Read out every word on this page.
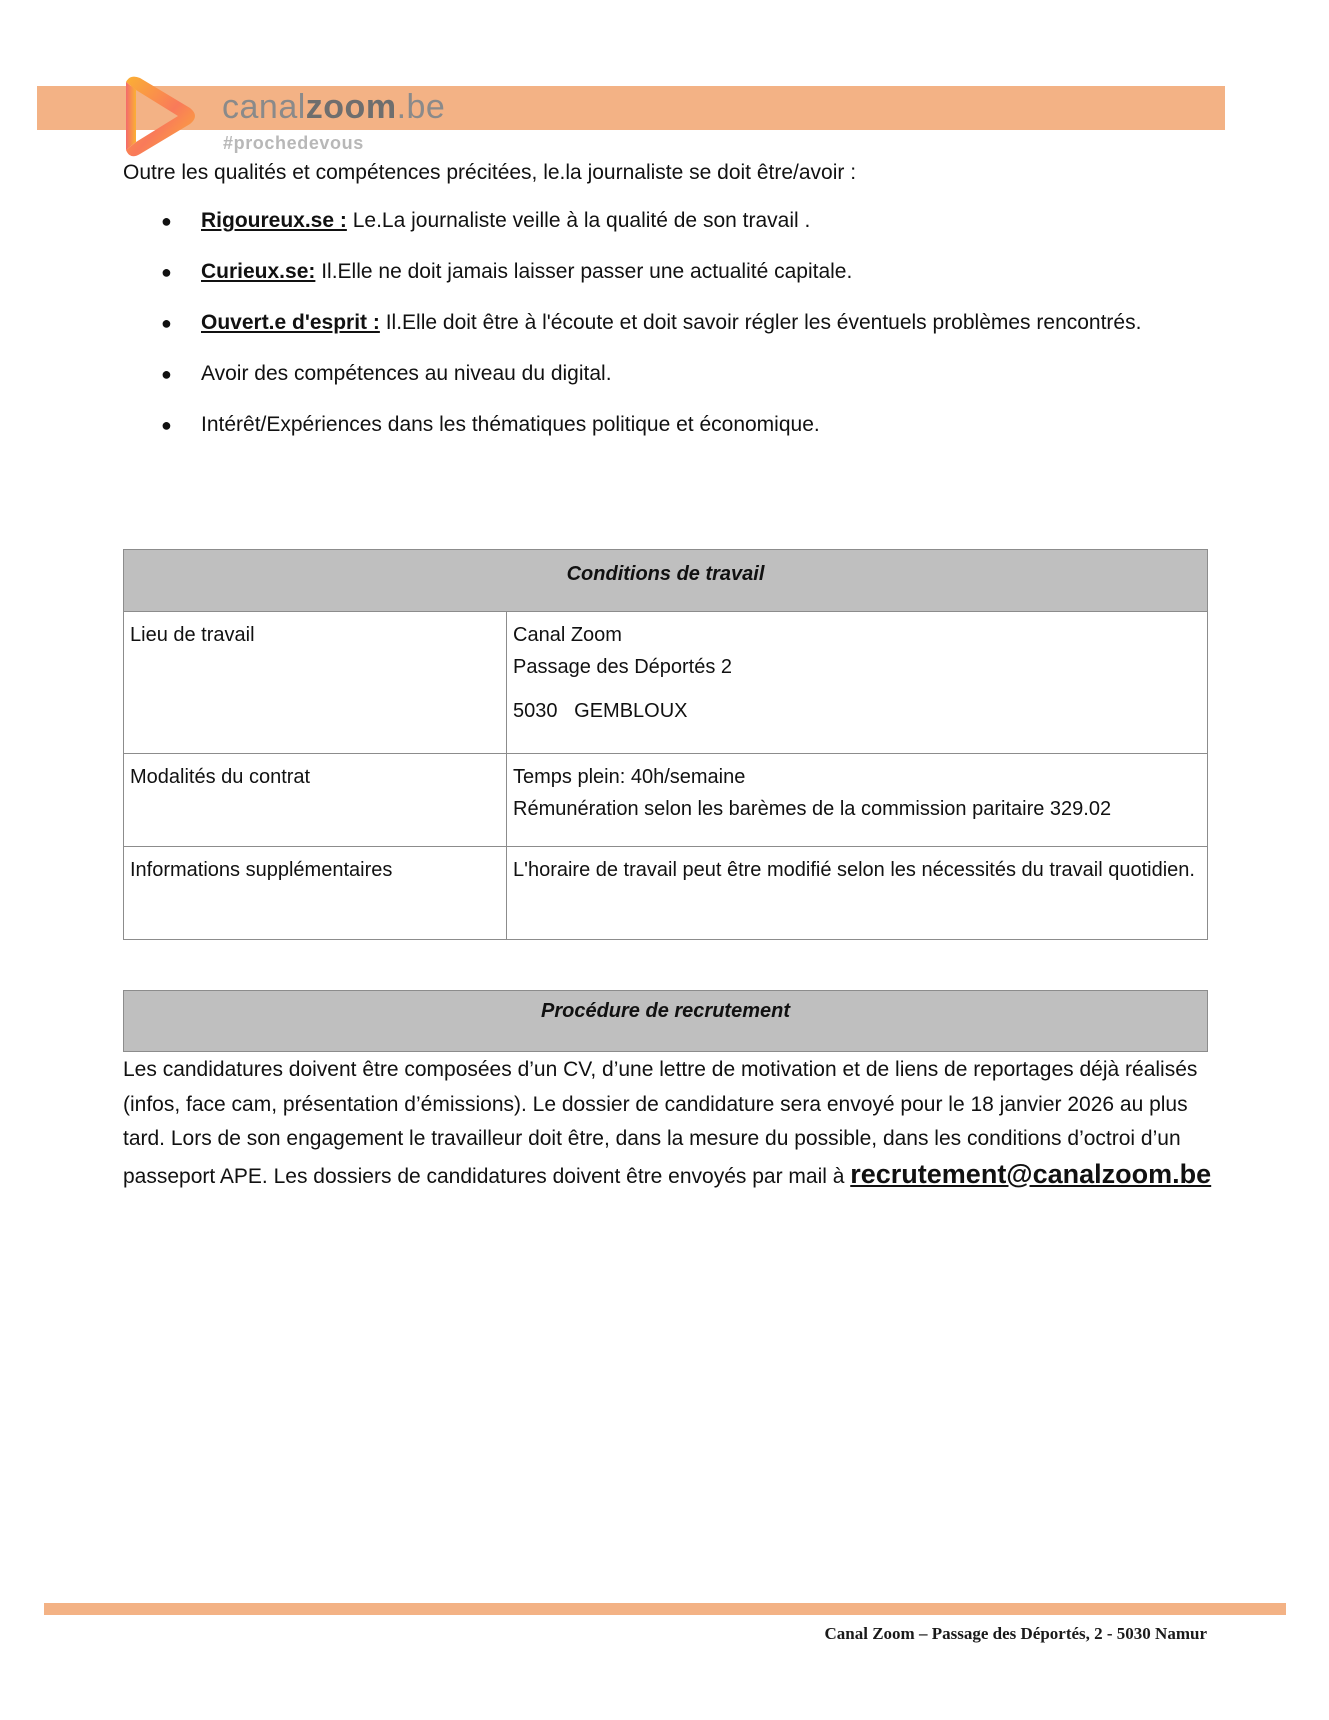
canalzoom.be
#prochedevous

Outre les qualités et compétences précitées, le.la journaliste se doit être/avoir :

● Rigoureux.se : Le.La journaliste veille à la qualité de son travail .
● Curieux.se: Il.Elle ne doit jamais laisser passer une actualité capitale.
● Ouvert.e d'esprit : Il.Elle doit être à l'écoute et doit savoir régler les éventuels problèmes rencontrés.
● Avoir des compétences au niveau du digital.
● Intérêt/Expériences dans les thématiques politique et économique.
Conditions de travail	
Lieu de travail	Canal Zoom
Passage des Déportés 2
5030   GEMBLOUX

Modalités du contrat	Temps plein: 40h/semaine
Rémunération selon les barèmes de la commission paritaire 329.02

Informations supplémentaires	L'horaire de travail peut être modifié selon les nécessités du travail quotidien.
Procédure de recrutement

Les candidatures doivent être composées d’un CV, d’une lettre de motivation et de liens de reportages déjà réalisés (infos, face cam, présentation d’émissions). Le dossier de candidature sera envoyé pour le 18 janvier 2026 au plus tard. Lors de son engagement le travailleur doit être, dans la mesure du possible, dans les conditions d’octroi d’un passeport APE. Les dossiers de candidatures doivent être envoyés par mail à recrutement@canalzoom.be

Canal Zoom – Passage des Déportés, 2 - 5030 Namur
